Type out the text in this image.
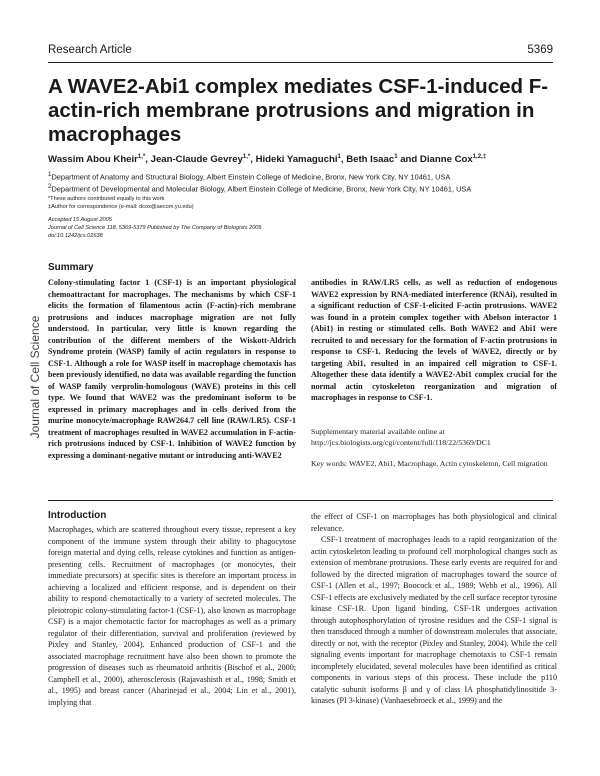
Research Article	5369
A WAVE2-Abi1 complex mediates CSF-1-induced F-actin-rich membrane protrusions and migration in macrophages
Wassim Abou Kheir$^{1,*}$, Jean-Claude Gevrey$^{1,*}$, Hideki Yamaguchi$^1$, Beth Isaac$^1$ and Dianne Cox$^{1,2,\ddagger}$
$^1$Department of Anatomy and Structural Biology, Albert Einstein College of Medicine, Bronx, New York City, NY 10461, USA
$^2$Department of Developmental and Molecular Biology, Albert Einstein College of Medicine, Bronx, New York City, NY 10461, USA
*These authors contributed equally to this work
‡Author for correspondence (e-mail: dcox@aecom.yu.edu)
Accepted 15 August 2005
Journal of Cell Science 118, 5369-5379 Published by The Company of Biologists 2005
doi:10.1242/jcs.02638
Journal of Cell Science
Summary
Colony-stimulating factor 1 (CSF-1) is an important physiological chemoattractant for macrophages. The mechanisms by which CSF-1 elicits the formation of filamentous actin (F-actin)-rich membrane protrusions and induces macrophage migration are not fully understood. In particular, very little is known regarding the contribution of the different members of the Wiskott-Aldrich Syndrome protein (WASP) family of actin regulators in response to CSF-1. Although a role for WASP itself in macrophage chemotaxis has been previously identified, no data was available regarding the function of WASP family verprolin-homologous (WAVE) proteins in this cell type. We found that WAVE2 was the predominant isoform to be expressed in primary macrophages and in cells derived from the murine monocyte/macrophage RAW264.7 cell line (RAW/LR5). CSF-1 treatment of macrophages resulted in WAVE2 accumulation in F-actin-rich protrusions induced by CSF-1. Inhibition of WAVE2 function by expressing a dominant-negative mutant or introducing anti-WAVE2
antibodies in RAW/LR5 cells, as well as reduction of endogenous WAVE2 expression by RNA-mediated interference (RNAi), resulted in a significant reduction of CSF-1-elicited F-actin protrusions. WAVE2 was found in a protein complex together with Abelson interactor 1 (Abi1) in resting or stimulated cells. Both WAVE2 and Abi1 were recruited to and necessary for the formation of F-actin protrusions in response to CSF-1. Reducing the levels of WAVE2, directly or by targeting Abi1, resulted in an impaired cell migration to CSF-1. Altogether these data identify a WAVE2-Abi1 complex crucial for the normal actin cytoskeleton reorganization and migration of macrophages in response to CSF-1.
Supplementary material available online at
http://jcs.biologists.org/cgi/content/full/118/22/5369/DC1
Key words: WAVE2, Abi1, Macrophage, Actin cytoskeleton, Cell migration
Introduction

Macrophages, which are scattered throughout every tissue, represent a key component of the immune system through their ability to phagocytose foreign material and dying cells, release cytokines and function as antigen-presenting cells. Recruitment of macrophages (or monocytes, their immediate precursors) at specific sites is therefore an important process in achieving a localized and efficient response, and is dependent on their ability to respond chemotactically to a variety of secreted molecules. The pleiotropic colony-stimulating factor-1 (CSF-1), also known as macrophage CSF) is a major chemotactic factor for macrophages as well as a primary regulator of their differentiation, survival and proliferation (reviewed by Pixley and Stanley, 2004). Enhanced production of CSF-1 and the associated macrophage recruitment have also been shown to promote the progression of diseases such as rheumatoid arthritis (Bischof et al., 2000; Campbell et al., 2000), atherosclerosis (Rajavashisth et al., 1998; Smith et al., 1995) and breast cancer (Aharinejad et al., 2004; Lin et al., 2001), implying that

the effect of CSF-1 on macrophages has both physiological and clinical relevance.

CSF-1 treatment of macrophages leads to a rapid reorganization of the actin cytoskeleton leading to profound cell morphological changes such as extension of membrane protrusions. These early events are required for and followed by the directed migration of macrophages toward the source of CSF-1 (Allen et al., 1997; Boocock et al., 1989; Webb et al., 1996). All CSF-1 effects are exclusively mediated by the cell surface receptor tyrosine kinase CSF-1R. Upon ligand binding, CSF-1R undergoes activation through autophosphorylation of tyrosine residues and the CSF-1 signal is then transduced through a number of downstream molecules that associate, directly or not, with the receptor (Pixley and Stanley, 2004). While the cell signaling events important for macrophage chemotaxis to CSF-1 remain incompletely elucidated, several molecules have been identified as critical components in various steps of this process. These include the p110 catalytic subunit isoforms β and γ of class IA phosphatidylinositide 3-kinases (PI 3-kinase) (Vanhaesebroeck et al., 1999) and the
